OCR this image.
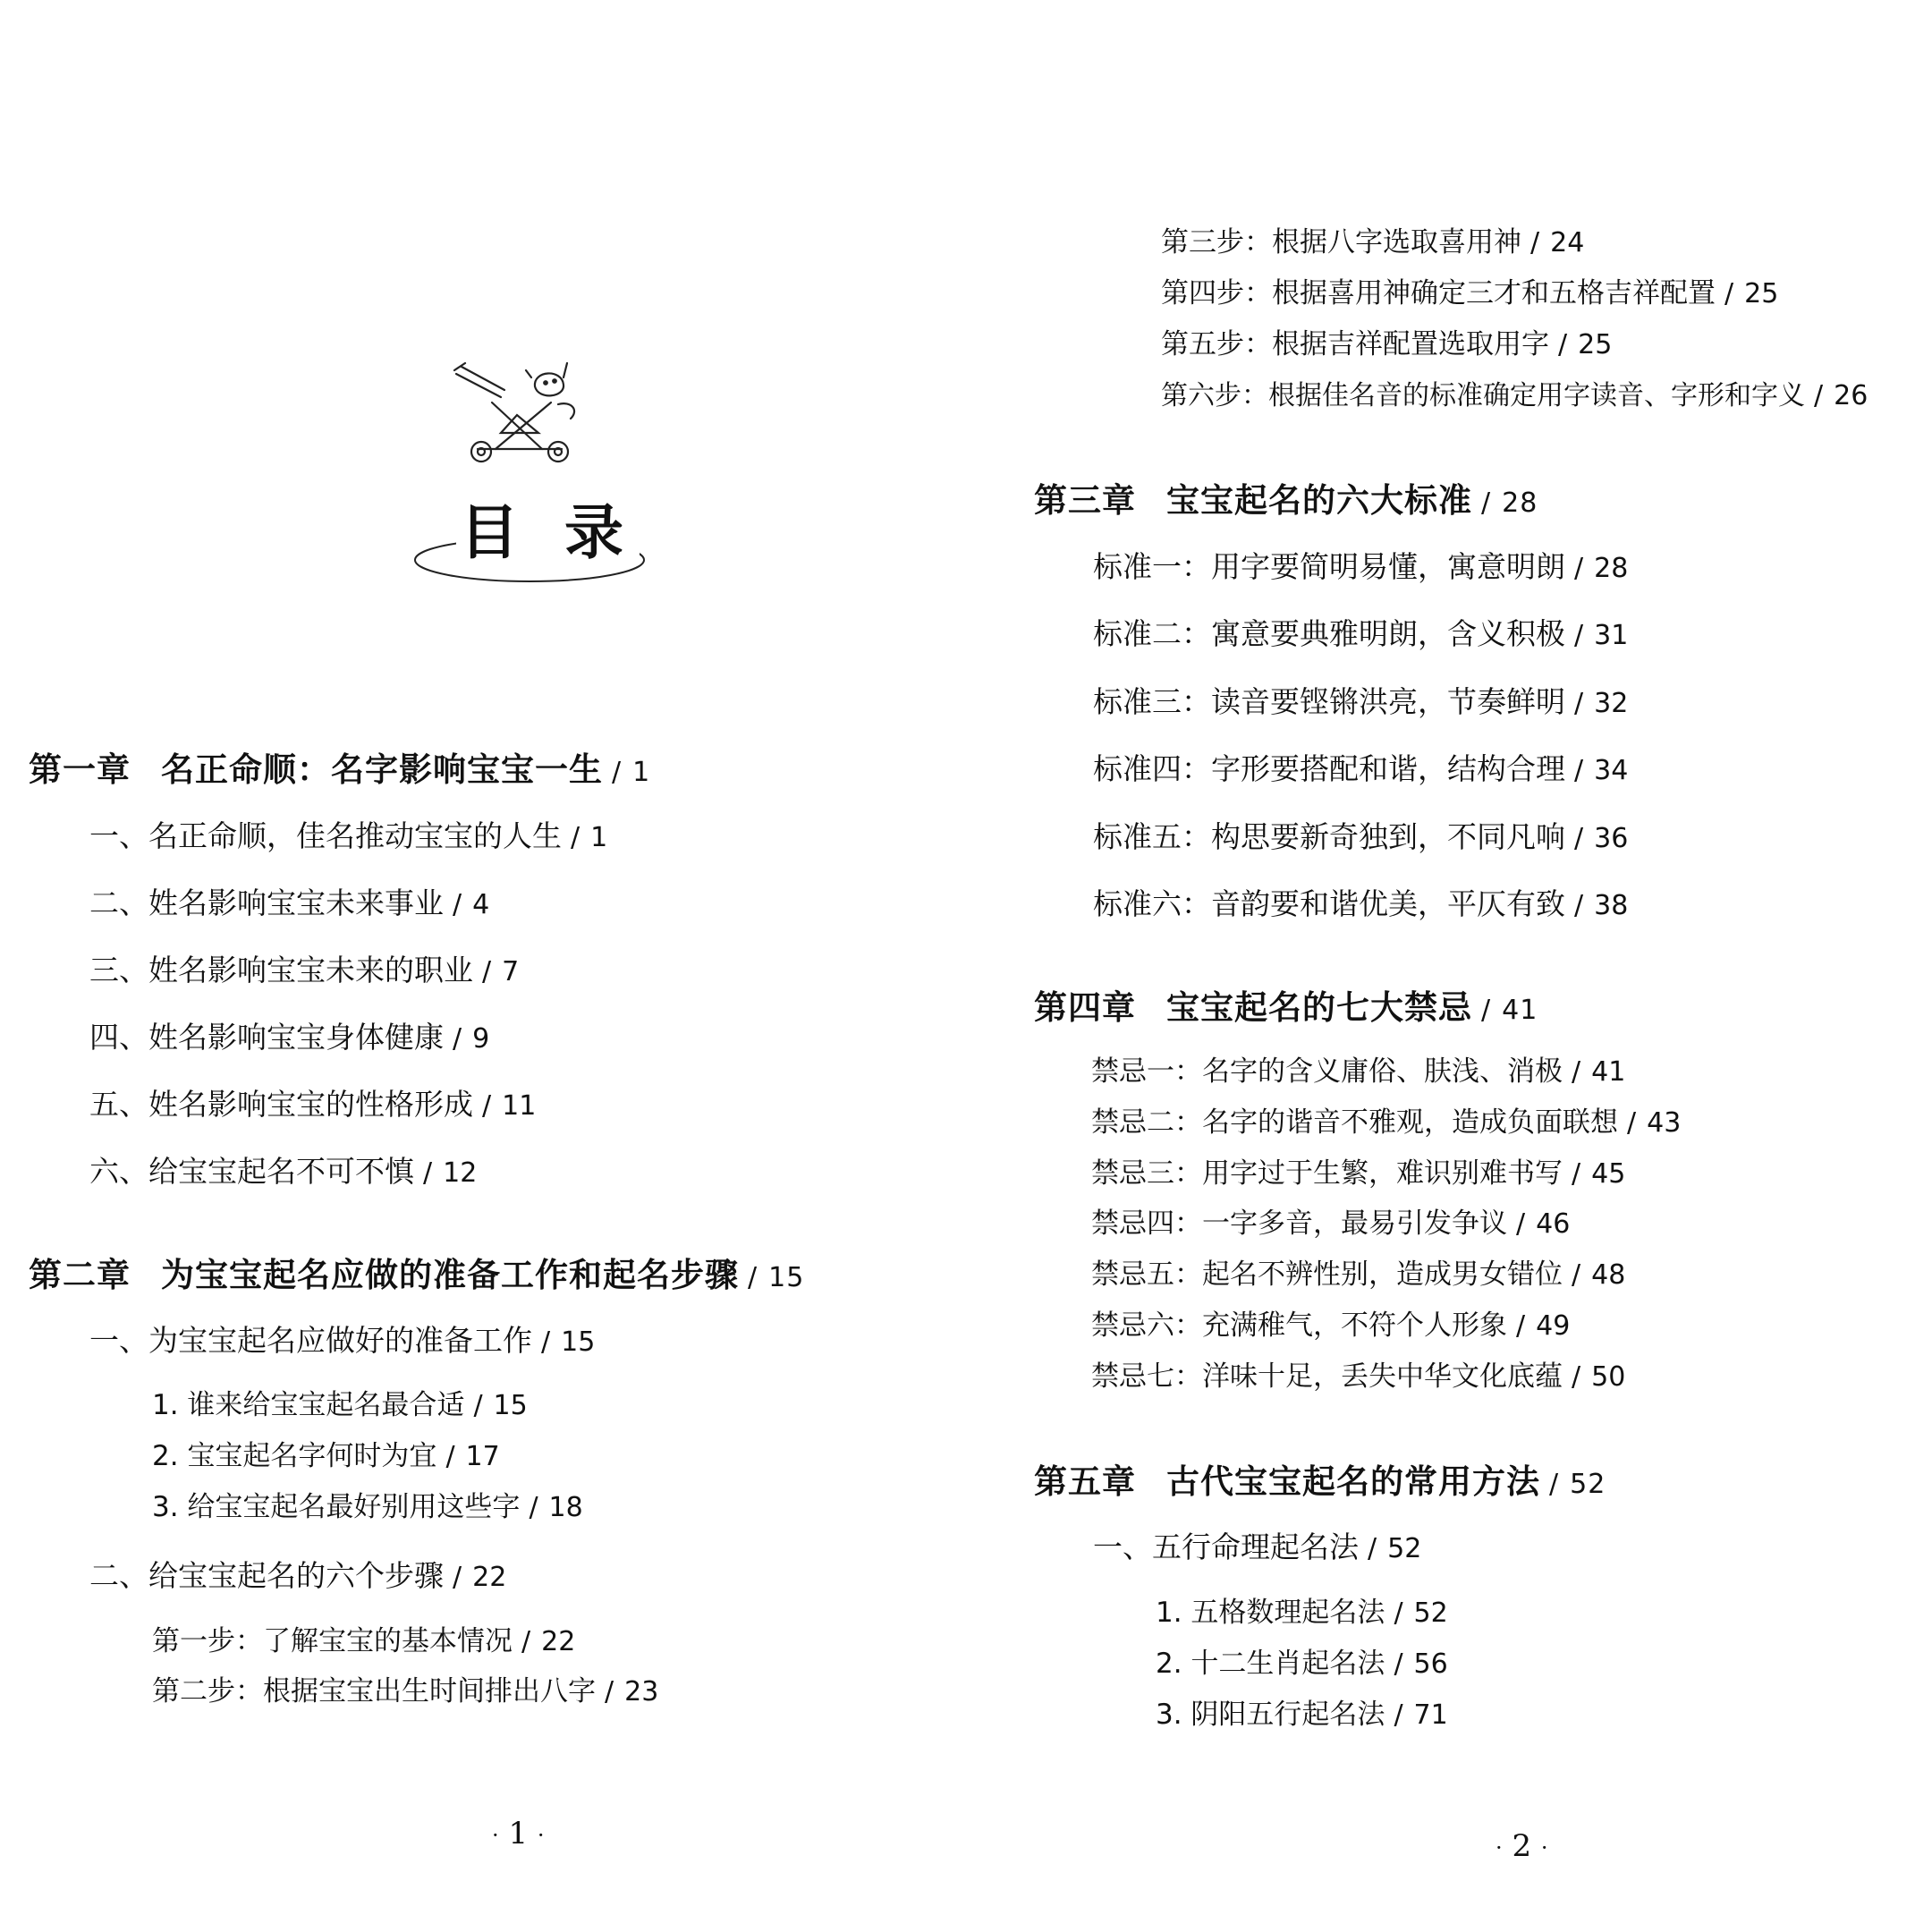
目 录
第一章 名正命顺：名字影响宝宝一生 / 1
一、名正命顺，佳名推动宝宝的人生 / 1
二、姓名影响宝宝未来事业 / 4
三、姓名影响宝宝未来的职业 / 7
四、姓名影响宝宝身体健康 / 9
五、姓名影响宝宝的性格形成 / 11
六、给宝宝起名不可不慎 / 12
第二章 为宝宝起名应做的准备工作和起名步骤 / 15
一、为宝宝起名应做好的准备工作 / 15
1. 谁来给宝宝起名最合适 / 15
2. 宝宝起名字何时为宜 / 17
3. 给宝宝起名最好别用这些字 / 18
二、给宝宝起名的六个步骤 / 22
第一步：了解宝宝的基本情况 / 22
第二步：根据宝宝出生时间排出八字 / 23
· 1 ·
第三步：根据八字选取喜用神 / 24
第四步：根据喜用神确定三才和五格吉祥配置 / 25
第五步：根据吉祥配置选取用字 / 25
第六步：根据佳名音的标准确定用字读音、字形和字义 / 26
第三章 宝宝起名的六大标准 / 28
标准一：用字要简明易懂，寓意明朗 / 28
标准二：寓意要典雅明朗，含义积极 / 31
标准三：读音要铿锵洪亮，节奏鲜明 / 32
标准四：字形要搭配和谐，结构合理 / 34
标准五：构思要新奇独到，不同凡响 / 36
标准六：音韵要和谐优美，平仄有致 / 38
第四章 宝宝起名的七大禁忌 / 41
禁忌一：名字的含义庸俗、肤浅、消极 / 41
禁忌二：名字的谐音不雅观，造成负面联想 / 43
禁忌三：用字过于生繁，难识别难书写 / 45
禁忌四：一字多音，最易引发争议 / 46
禁忌五：起名不辨性别，造成男女错位 / 48
禁忌六：充满稚气，不符个人形象 / 49
禁忌七：洋味十足，丢失中华文化底蕴 / 50
第五章 古代宝宝起名的常用方法 / 52
一、五行命理起名法 / 52
1. 五格数理起名法 / 52
2. 十二生肖起名法 / 56
3. 阴阳五行起名法 / 71
· 2 ·
